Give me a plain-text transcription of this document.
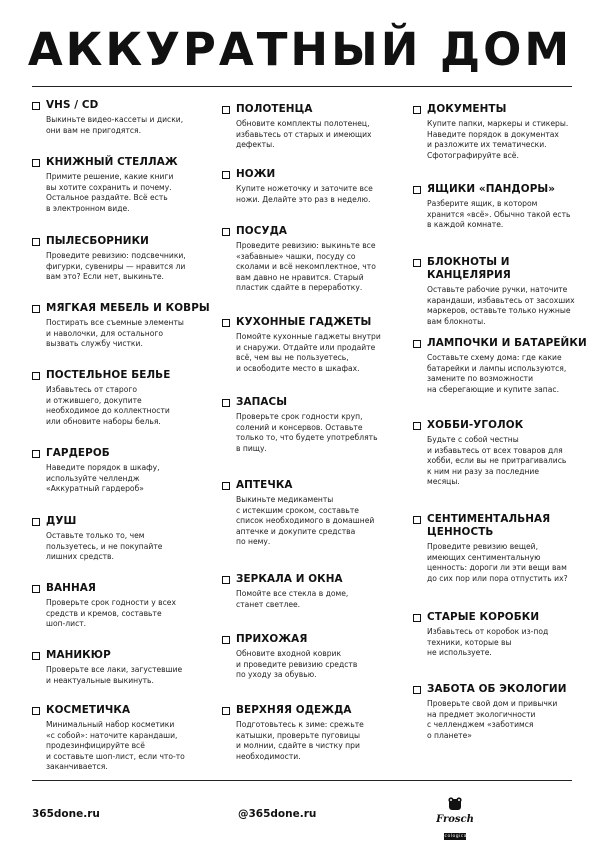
АККУРАТНЫЙ ДОМ
VHS / CD
Выкиньте видео-кассеты и диски,
они вам не пригодятся.
КНИЖНЫЙ СТЕЛЛАЖ
Примите решение, какие книги
вы хотите сохранить и почему.
Остальное раздайте. Всё есть
в электронном виде.
ПЫЛЕСБОРНИКИ
Проведите ревизию: подсвечники,
фигурки, сувениры — нравится ли
вам это? Если нет, выкиньте.
МЯГКАЯ МЕБЕЛЬ И КОВРЫ
Постирать все съемные элементы
и наволочки, для остального
вызвать службу чистки.
ПОСТЕЛЬНОЕ БЕЛЬЕ
Избавьтесь от старого
и отжившего, докупите
необходимое до коллектности
или обновите наборы белья.
ГАРДЕРОБ
Наведите порядок в шкафу,
используйте челлендж
«Аккуратный гардероб»
ДУШ
Оставьте только то, чем
пользуетесь, и не покупайте
лишних средств.
ВАННАЯ
Проверьте срок годности у всех
средств и кремов, составьте
шоп-лист.
МАНИКЮР
Проверьте все лаки, загустевшие
и неактуальные выкинуть.
КОСМЕТИЧКА
Минимальный набор косметики
«с собой»: наточите карандаши,
продезинфицируйте всё
и составьте шоп-лист, если что-то
заканчивается.
ПОЛОТЕНЦА
Обновите комплекты полотенец,
избавьтесь от старых и имеющих
дефекты.
НОЖИ
Купите ножеточку и заточите все
ножи. Делайте это раз в неделю.
ПОСУДА
Проведите ревизию: выкиньте все
«забавные» чашки, посуду со
сколами и всё некомплектное, что
вам давно не нравится. Старый
пластик сдайте в переработку.
КУХОННЫЕ ГАДЖЕТЫ
Помойте кухонные гаджеты внутри
и снаружи. Отдайте или продайте
всё, чем вы не пользуетесь,
и освободите место в шкафах.
ЗАПАСЫ
Проверьте срок годности круп,
солений и консервов. Оставьте
только то, что будете употреблять
в пищу.
АПТЕЧКА
Выкиньте медикаменты
с истекшим сроком, составьте
список необходимого в домашней
аптечке и докупите средства
по нему.
ЗЕРКАЛА И ОКНА
Помойте все стекла в доме,
станет светлее.
ПРИХОЖАЯ
Обновите входной коврик
и проведите ревизию средств
по уходу за обувью.
ВЕРХНЯЯ ОДЕЖДА
Подготовьтесь к зиме: срежьте
катышки, проверьте пуговицы
и молнии, сдайте в чистку при
необходимости.
ДОКУМЕНТЫ
Купите папки, маркеры и стикеры.
Наведите порядок в документах
и разложите их тематически.
Сфотографируйте всё.
ЯЩИКИ «ПАНДОРЫ»
Разберите ящик, в котором
хранится «всё». Обычно такой есть
в каждой комнате.
БЛОКНОТЫ И КАНЦЕЛЯРИЯ
Оставьте рабочие ручки, наточите
карандаши, избавьтесь от засохших
маркеров, оставьте только нужные
вам блокноты.
ЛАМПОЧКИ И БАТАРЕЙКИ
Составьте схему дома: где какие
батарейки и лампы используются,
замените по возможности
на сберегающие и купите запас.
ХОББИ-УГОЛОК
Будьте с собой честны
и избавьтесь от всех товаров для
хобби, если вы не притрагивались
к ним ни разу за последние
месяцы.
СЕНТИМЕНТАЛЬНАЯ
ЦЕННОСТЬ
Проведите ревизию вещей,
имеющих сентиментальную
ценность: дороги ли эти вещи вам
до сих пор или пора отпустить их?
СТАРЫЕ КОРОБКИ
Избавьтесь от коробок из-под
техники, которые вы
не используете.
ЗАБОТА ОБ ЭКОЛОГИИ
Проверьте свой дом и привычки
на предмет экологичности
с челленджем «заботимся
о планете»
365done.ru	@365done.ru	Frosch
ecological
